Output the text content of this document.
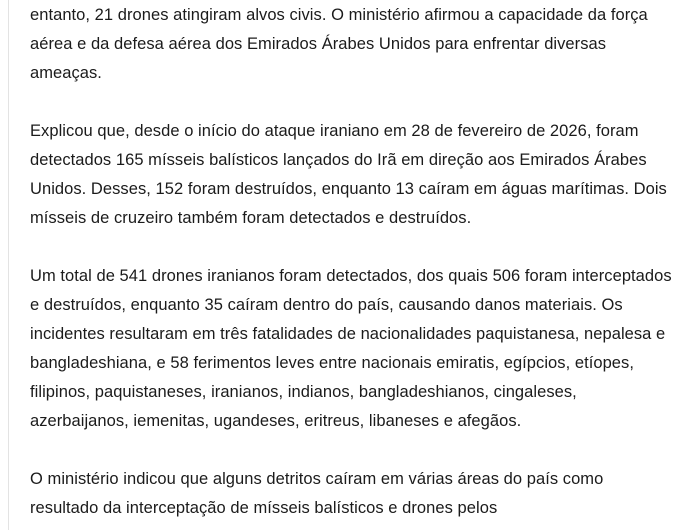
entanto, 21 drones atingiram alvos civis. O ministério afirmou a capacidade da força aérea e da defesa aérea dos Emirados Árabes Unidos para enfrentar diversas ameaças.

Explicou que, desde o início do ataque iraniano em 28 de fevereiro de 2026, foram detectados 165 mísseis balísticos lançados do Irã em direção aos Emirados Árabes Unidos. Desses, 152 foram destruídos, enquanto 13 caíram em águas marítimas. Dois mísseis de cruzeiro também foram detectados e destruídos.

Um total de 541 drones iranianos foram detectados, dos quais 506 foram interceptados e destruídos, enquanto 35 caíram dentro do país, causando danos materiais. Os incidentes resultaram em três fatalidades de nacionalidades paquistanesa, nepalesa e bangladeshiana, e 58 ferimentos leves entre nacionais emiratis, egípcios, etíopes, filipinos, paquistaneses, iranianos, indianos, bangladeshianos, cingaleses, azerbaijanos, iemenitas, ugandeses, eritreus, libaneses e afegãos.

O ministério indicou que alguns detritos caíram em várias áreas do país como resultado da interceptação de mísseis balísticos e drones pelos
